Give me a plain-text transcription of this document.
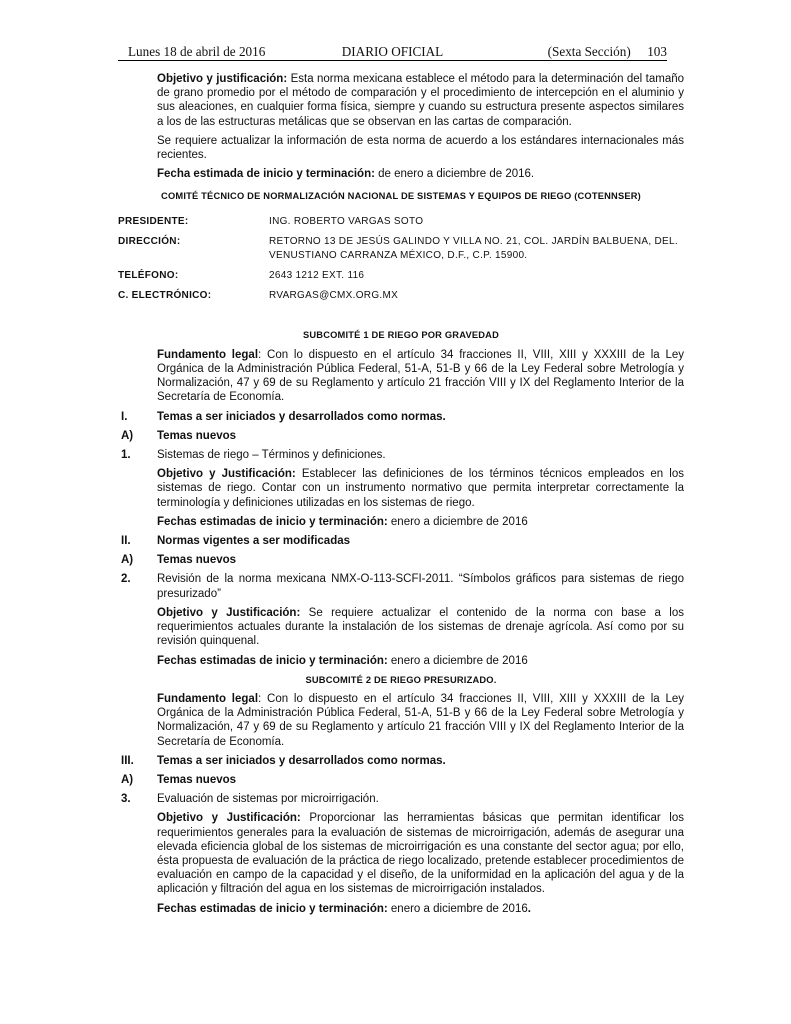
Lunes 18 de abril de 2016	DIARIO OFICIAL	(Sexta Sección)     103

Objetivo y justificación: Esta norma mexicana establece el método para la determinación del tamaño de grano promedio por el método de comparación y el procedimiento de intercepción en el aluminio y sus aleaciones, en cualquier forma física, siempre y cuando su estructura presente aspectos similares a los de las estructuras metálicas que se observan en las cartas de comparación.

Se requiere actualizar la información de esta norma de acuerdo a los estándares internacionales más recientes.

Fecha estimada de inicio y terminación: de enero a diciembre de 2016.

COMITÉ TÉCNICO DE NORMALIZACIÓN NACIONAL DE SISTEMAS Y EQUIPOS DE RIEGO (COTENNSER)
PRESIDENTE:	ING. ROBERTO VARGAS SOTO
DIRECCIÓN:	RETORNO 13 DE JESÚS GALINDO Y VILLA NO. 21, COL. JARDÍN BALBUENA, DEL. VENUSTIANO CARRANZA MÉXICO, D.F., C.P. 15900.
TELÉFONO:	2643 1212 EXT. 116
C. ELECTRÓNICO:	RVARGAS@CMX.ORG.MX
SUBCOMITÉ 1 DE RIEGO POR GRAVEDAD

Fundamento legal: Con lo dispuesto en el artículo 34 fracciones II, VIII, XIII y XXXIII de la Ley Orgánica de la Administración Pública Federal, 51-A, 51-B y 66 de la Ley Federal sobre Metrología y Normalización, 47 y 69 de su Reglamento y artículo 21 fracción VIII y IX del Reglamento Interior de la Secretaría de Economía.

I.	Temas a ser iniciados y desarrollados como normas.
A)	Temas nuevos
1.	Sistemas de riego – Términos y definiciones.

Objetivo y Justificación: Establecer las definiciones de los términos técnicos empleados en los sistemas de riego. Contar con un instrumento normativo que permita interpretar correctamente la terminología y definiciones utilizadas en los sistemas de riego.

Fechas estimadas de inicio y terminación: enero a diciembre de 2016

II.	Normas vigentes a ser modificadas
A)	Temas nuevos
2.	Revisión de la norma mexicana NMX-O-113-SCFI-2011. “Símbolos gráficos para sistemas de riego presurizado”

Objetivo y Justificación: Se requiere actualizar el contenido de la norma con base a los requerimientos actuales durante la instalación de los sistemas de drenaje agrícola. Así como por su revisión quinquenal.

Fechas estimadas de inicio y terminación: enero a diciembre de 2016

SUBCOMITÉ 2 DE RIEGO PRESURIZADO.

Fundamento legal: Con lo dispuesto en el artículo 34 fracciones II, VIII, XIII y XXXIII de la Ley Orgánica de la Administración Pública Federal, 51-A, 51-B y 66 de la Ley Federal sobre Metrología y Normalización, 47 y 69 de su Reglamento y artículo 21 fracción VIII y IX del Reglamento Interior de la Secretaría de Economía.

III.	Temas a ser iniciados y desarrollados como normas.
A)	Temas nuevos
3.	Evaluación de sistemas por microirrigación.

Objetivo y Justificación: Proporcionar las herramientas básicas que permitan identificar los requerimientos generales para la evaluación de sistemas de microirrigación, además de asegurar una elevada eficiencia global de los sistemas de microirrigación es una constante del sector agua; por ello, ésta propuesta de evaluación de la práctica de riego localizado, pretende establecer procedimientos de evaluación en campo de la capacidad y el diseño, de la uniformidad en la aplicación del agua y de la aplicación y filtración del agua en los sistemas de microirrigación instalados.

Fechas estimadas de inicio y terminación: enero a diciembre de 2016.
